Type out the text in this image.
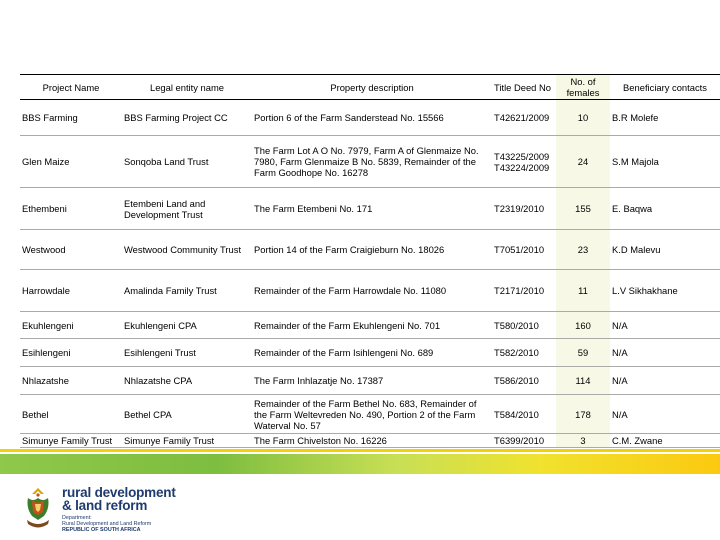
Project Name	Legal entity name	Property description	Title Deed No	No. of females	Beneficiary contacts
BBS Farming	BBS Farming Project CC	Portion 6 of the Farm Sanderstead No. 15566	T42621/2009	10	B.R Molefe
Glen Maize	Sonqoba Land Trust	The Farm Lot A O No. 7979, Farm A of Glenmaize No. 7980, Farm Glenmaize B No. 5839, Remainder of the Farm Goodhope No. 16278	T43225/2009 T43224/2009	24	S.M Majola
Ethembeni	Etembeni Land and Development Trust	The Farm Etembeni No. 171	T2319/2010	155	E. Baqwa
Westwood	Westwood Community Trust	Portion 14 of the Farm Craigieburn No. 18026	T7051/2010	23	K.D Malevu
Harrowdale	Amalinda Family Trust	Remainder of the Farm Harrowdale No. 11080	T2171/2010	11	L.V Sikhakhane
Ekuhlengeni	Ekuhlengeni CPA	Remainder of the Farm Ekuhlengeni No. 701	T580/2010	160	N/A
Esihlengeni	Esihlengeni Trust	Remainder of the Farm Isihlengeni No. 689	T582/2010	59	N/A
Nhlazatshe	Nhlazatshe CPA	The Farm Inhlazatje No. 17387	T586/2010	114	N/A
Bethel	Bethel CPA	Remainder of the Farm Bethel No. 683, Remainder of the Farm Weltevreden No. 490, Portion 2 of the Farm Waterval No. 57	T584/2010	178	N/A
Simunye Family Trust	Simunye Family Trust	The Farm Chivelston No. 16226	T6399/2010	3	C.M. Zwane
rural development
& land reform
Department:
Rural Development and Land Reform
REPUBLIC OF SOUTH AFRICA
